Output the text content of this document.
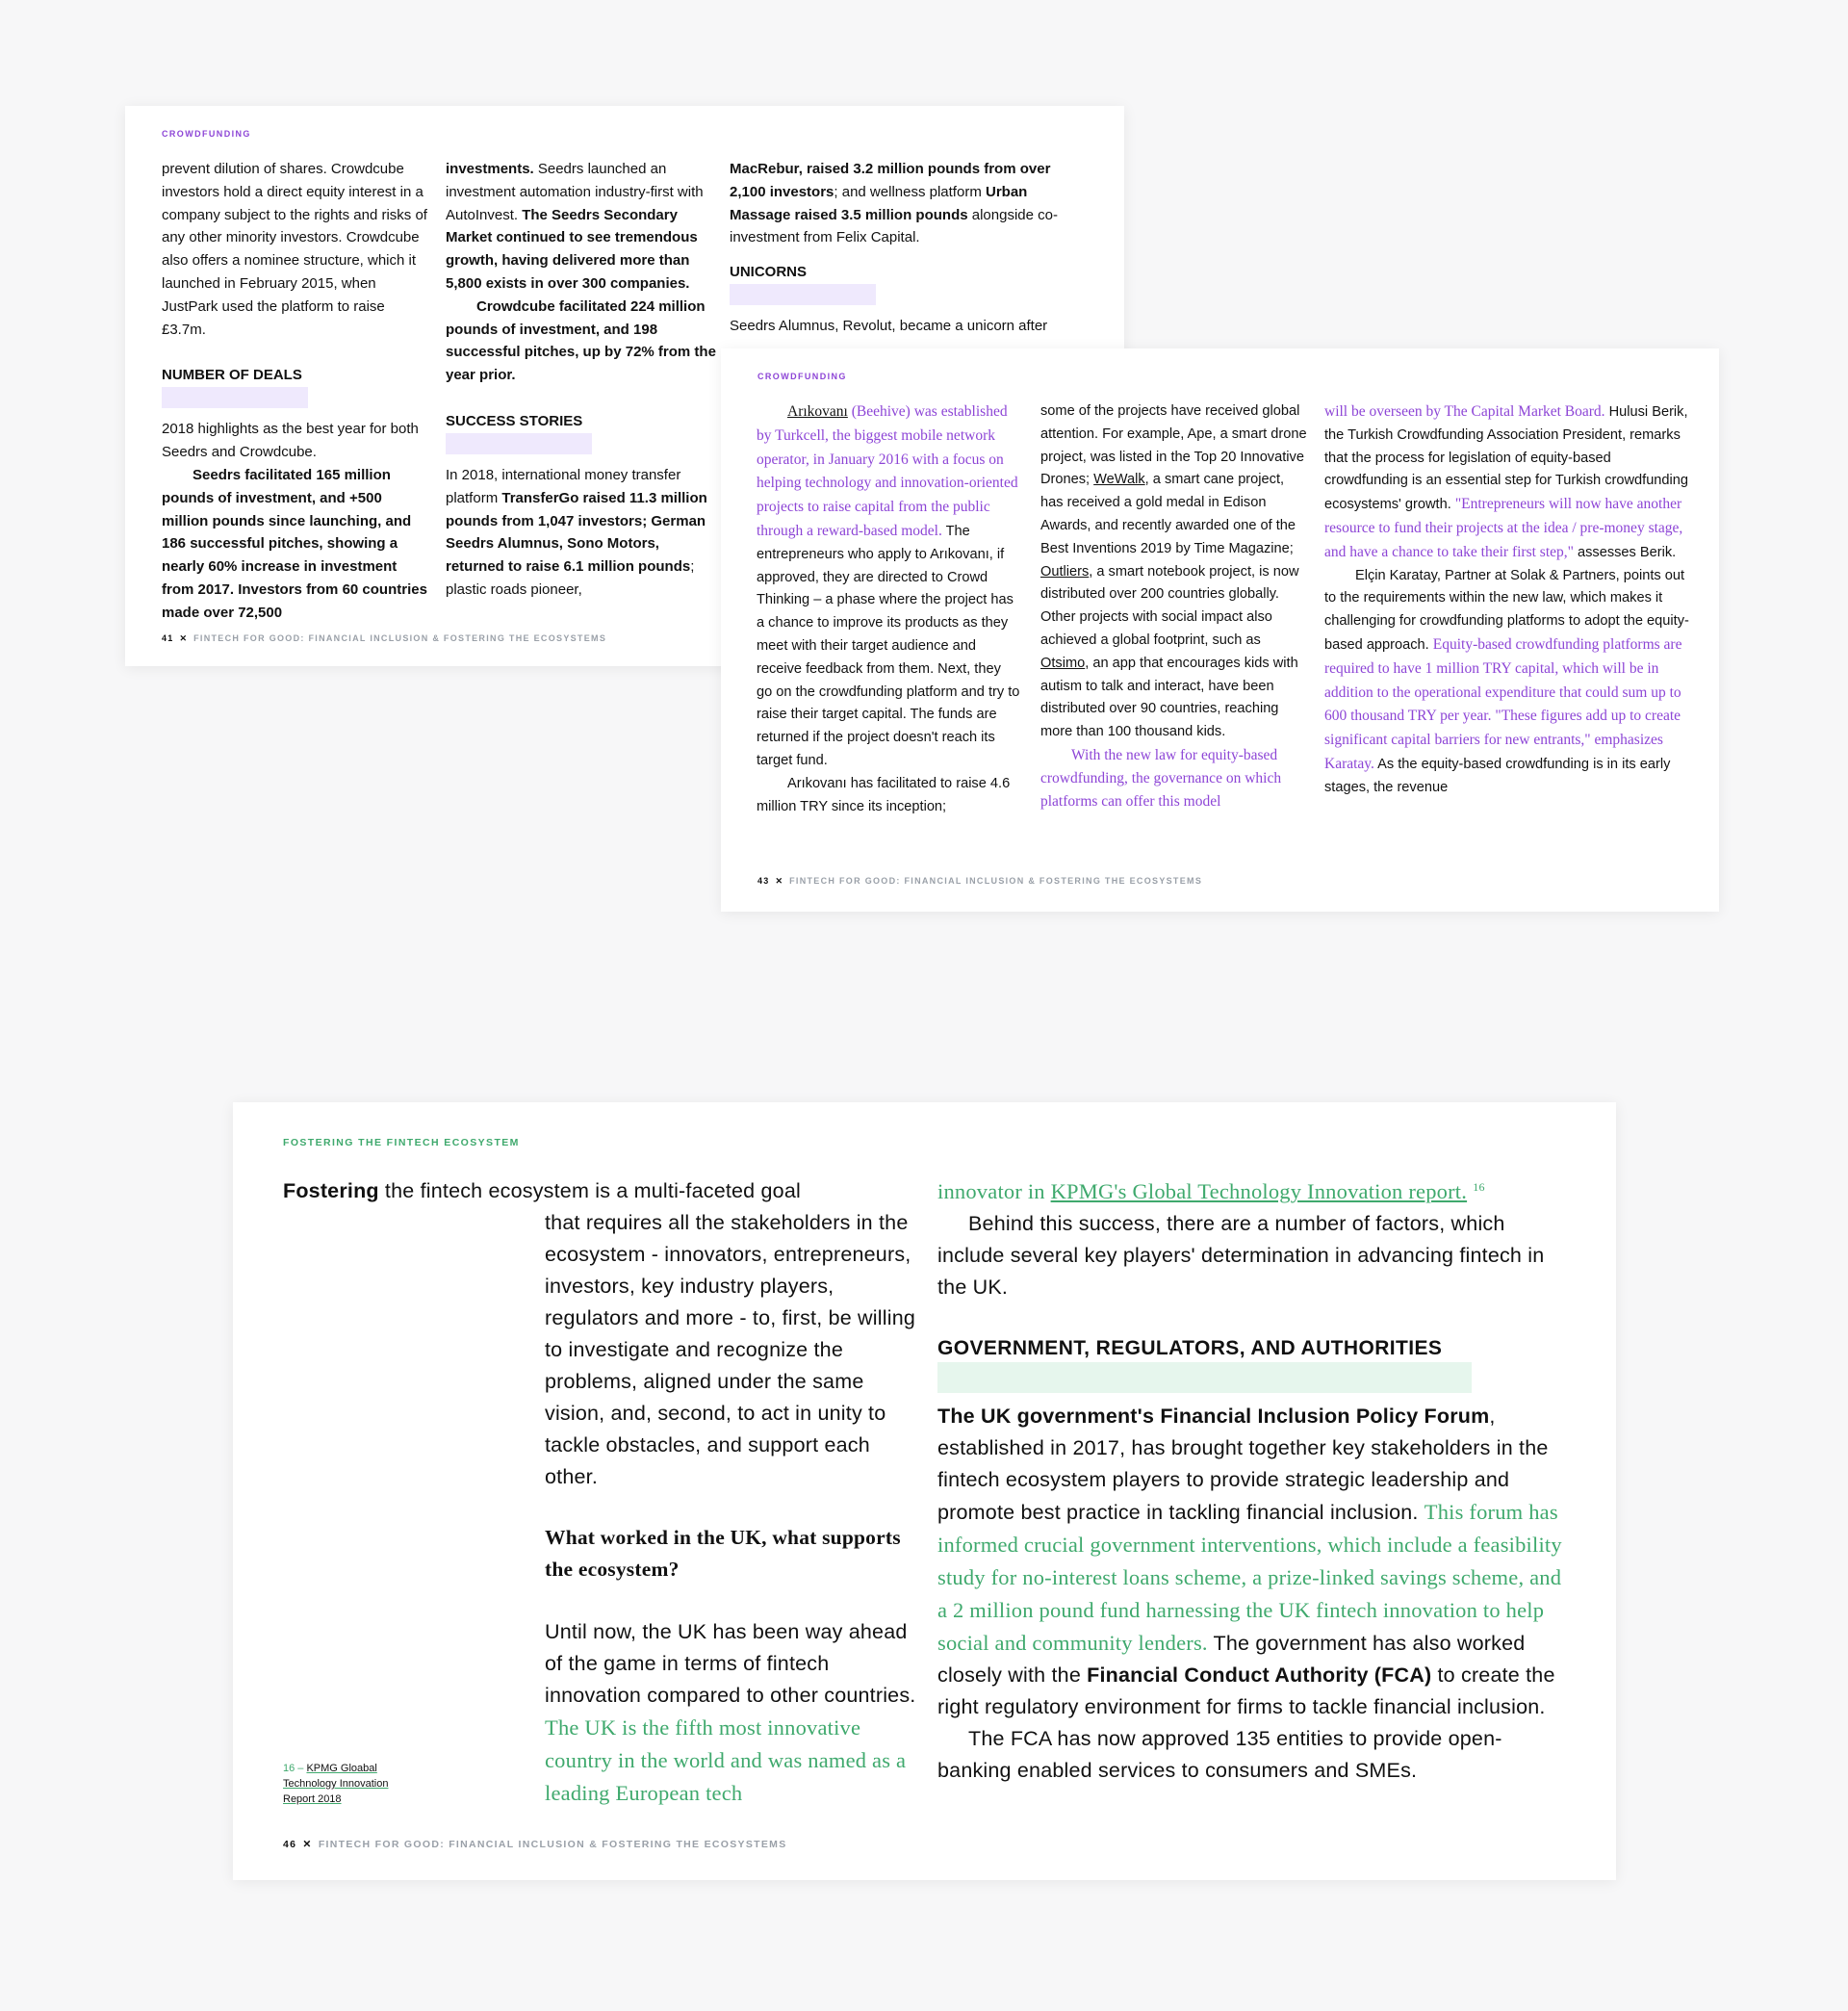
CROWDFUNDING

prevent dilution of shares. Crowdcube investors hold a direct equity interest in a company subject to the rights and risks of any other minority investors. Crowdcube also offers a nominee structure, which it launched in February 2015, when JustPark used the platform to raise £3.7m.

NUMBER OF DEALS

2018 highlights as the best year for both Seedrs and Crowdcube.

Seedrs facilitated 165 million pounds of investment, and +500 million pounds since launching, and 186 successful pitches, showing a nearly 60% increase in investment from 2017. Investors from 60 countries made over 72,500

investments. Seedrs launched an investment automation industry-first with AutoInvest. The Seedrs Secondary Market continued to see tremendous growth, having delivered more than 5,800 exists in over 300 companies.

Crowdcube facilitated 224 million pounds of investment, and 198 successful pitches, up by 72% from the year prior.

SUCCESS STORIES

In 2018, international money transfer platform TransferGo raised 11.3 million pounds from 1,047 investors; German Seedrs Alumnus, Sono Motors, returned to raise 6.1 million pounds; plastic roads pioneer,

MacRebur, raised 3.2 million pounds from over 2,100 investors; and wellness platform Urban Massage raised 3.5 million pounds alongside co-investment from Felix Capital.

UNICORNS

Seedrs Alumnus, Revolut, became a unicorn after

41 ✕ FINTECH FOR GOOD: FINANCIAL INCLUSION & FOSTERING THE ECOSYSTEMS
CROWDFUNDING

Arıkovanı (Beehive) was established by Turkcell, the biggest mobile network operator, in January 2016 with a focus on helping technology and innovation-oriented projects to raise capital from the public through a reward-based model. The entrepreneurs who apply to Arıkovanı, if approved, they are directed to Crowd Thinking – a phase where the project has a chance to improve its products as they meet with their target audience and receive feedback from them. Next, they go on the crowdfunding platform and try to raise their target capital. The funds are returned if the project doesn't reach its target fund.

Arıkovanı has facilitated to raise 4.6 million TRY since its inception;

some of the projects have received global attention. For example, Ape, a smart drone project, was listed in the Top 20 Innovative Drones; WeWalk, a smart cane project, has received a gold medal in Edison Awards, and recently awarded one of the Best Inventions 2019 by Time Magazine; Outliers, a smart notebook project, is now distributed over 200 countries globally. Other projects with social impact also achieved a global footprint, such as Otsimo, an app that encourages kids with autism to talk and interact, have been distributed over 90 countries, reaching more than 100 thousand kids.

With the new law for equity-based crowdfunding, the governance on which platforms can offer this model

will be overseen by The Capital Market Board. Hulusi Berik, the Turkish Crowdfunding Association President, remarks that the process for legislation of equity-based crowdfunding is an essential step for Turkish crowdfunding ecosystems' growth. "Entrepreneurs will now have another resource to fund their projects at the idea / pre-money stage, and have a chance to take their first step," assesses Berik.

Elçin Karatay, Partner at Solak & Partners, points out to the requirements within the new law, which makes it challenging for crowdfunding platforms to adopt the equity-based approach. Equity-based crowdfunding platforms are required to have 1 million TRY capital, which will be in addition to the operational expenditure that could sum up to 600 thousand TRY per year. "These figures add up to create significant capital barriers for new entrants," emphasizes Karatay. As the equity-based crowdfunding is in its early stages, the revenue

43 ✕ FINTECH FOR GOOD: FINANCIAL INCLUSION & FOSTERING THE ECOSYSTEMS
FOSTERING THE FINTECH ECOSYSTEM
Fostering the fintech ecosystem is a multi-faceted goal

that requires all the stakeholders in the ecosystem - innovators, entrepreneurs, investors, key industry players, regulators and more - to, first, be willing to investigate and recognize the problems, aligned under the same vision, and, second, to act in unity to tackle obstacles, and support each other.

What worked in the UK, what supports the ecosystem?

Until now, the UK has been way ahead of the game in terms of fintech innovation compared to other countries. The UK is the fifth most innovative country in the world and was named as a leading European tech

16 – KPMG Gloabal Technology Innovation Report 2018

innovator in KPMG's Global Technology Innovation report. $^{16}$

Behind this success, there are a number of factors, which include several key players' determination in advancing fintech in the UK.

GOVERNMENT, REGULATORS, AND AUTHORITIES

The UK government's Financial Inclusion Policy Forum, established in 2017, has brought together key stakeholders in the fintech ecosystem players to provide strategic leadership and promote best practice in tackling financial inclusion. This forum has informed crucial government interventions, which include a feasibility study for no-interest loans scheme, a prize-linked savings scheme, and a 2 million pound fund harnessing the UK fintech innovation to help social and community lenders. The government has also worked closely with the Financial Conduct Authority (FCA) to create the right regulatory environment for firms to tackle financial inclusion.

The FCA has now approved 135 entities to provide open-banking enabled services to consumers and SMEs.

46 ✕ FINTECH FOR GOOD: FINANCIAL INCLUSION & FOSTERING THE ECOSYSTEMS
